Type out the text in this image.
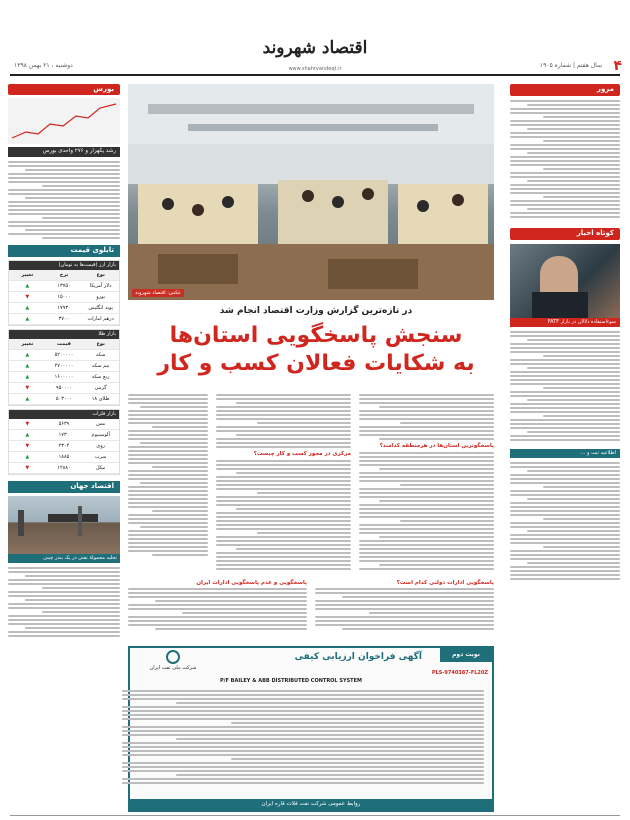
۴
سال هفتم | شماره ۱۹۰۵
اقتصاد شهروند
www.shahrvandeqt.ir
دوشنبه ، ۲۱ بهمن ۱۳۹۸
مرور
کوتاه اخبار
سوءاستفاده دلالان در بازار FATF
اطلاعیه ثبت و ...
بورس
رشد یکهزار و ۲۷۶ واحدی بورس
تابلوی قیمت
بازار ارز (قیمت‌ها به تومان)
نوع
نرخ
تغییر
دلار آمریکا
۱۳۷۵۰
▲
یورو
۱۵۰۰۰
▼
پوند انگلیس
۱۷۹۳۰
▲
درهم امارات
۳۷۰۰
▲
بازار طلا
نوع
قیمت
تغییر
سکه
۵۲۰۰۰۰۰
▲
نیم سکه
۲۷۰۰۰۰۰
▲
ربع سکه
۱۶۰۰۰۰۰
▲
گرمی
۹۵۰۰۰۰
▼
طلای ۱۸
۵۰۳۰۰۰
▲
بازار فلزات
مس
۵۶۳۹
▼
آلومینیوم
۱۷۳۰
▲
روی
۲۳۰۴
▼
سرب
۱۸۸۵
▲
نیکل
۱۲۸۸۰
▼
اقتصاد جهان
تخلیه محمولۀ نفتی در یک بندر چینی
عکس: اقتصاد شهروند
در تازه‌ترین گزارش وزارت اقتصاد انجام شد
سنجش پاسخگویی استان‌ها
به شکایات فعالان کسب و کار
پاسخگو‌ترین استان‌ها در هرمنطقه کدامند؟
مرکزی در مجوز کسب و کار چیست؟
پاسخگویی ادارات دولتی کدام است؟
پاسخگویی و عدم پاسخگویی ادارات ایران
نوبت دوم
آگهی فراخوان ارزیابی کیفی
شرکت ملی نفت ایران
PLS-9740387-FL20Z
P/F BAILEY & ABB DISTRIBUTED CONTROL SYSTEM
روابط عمومی شرکت نفت فلات قاره ایران
